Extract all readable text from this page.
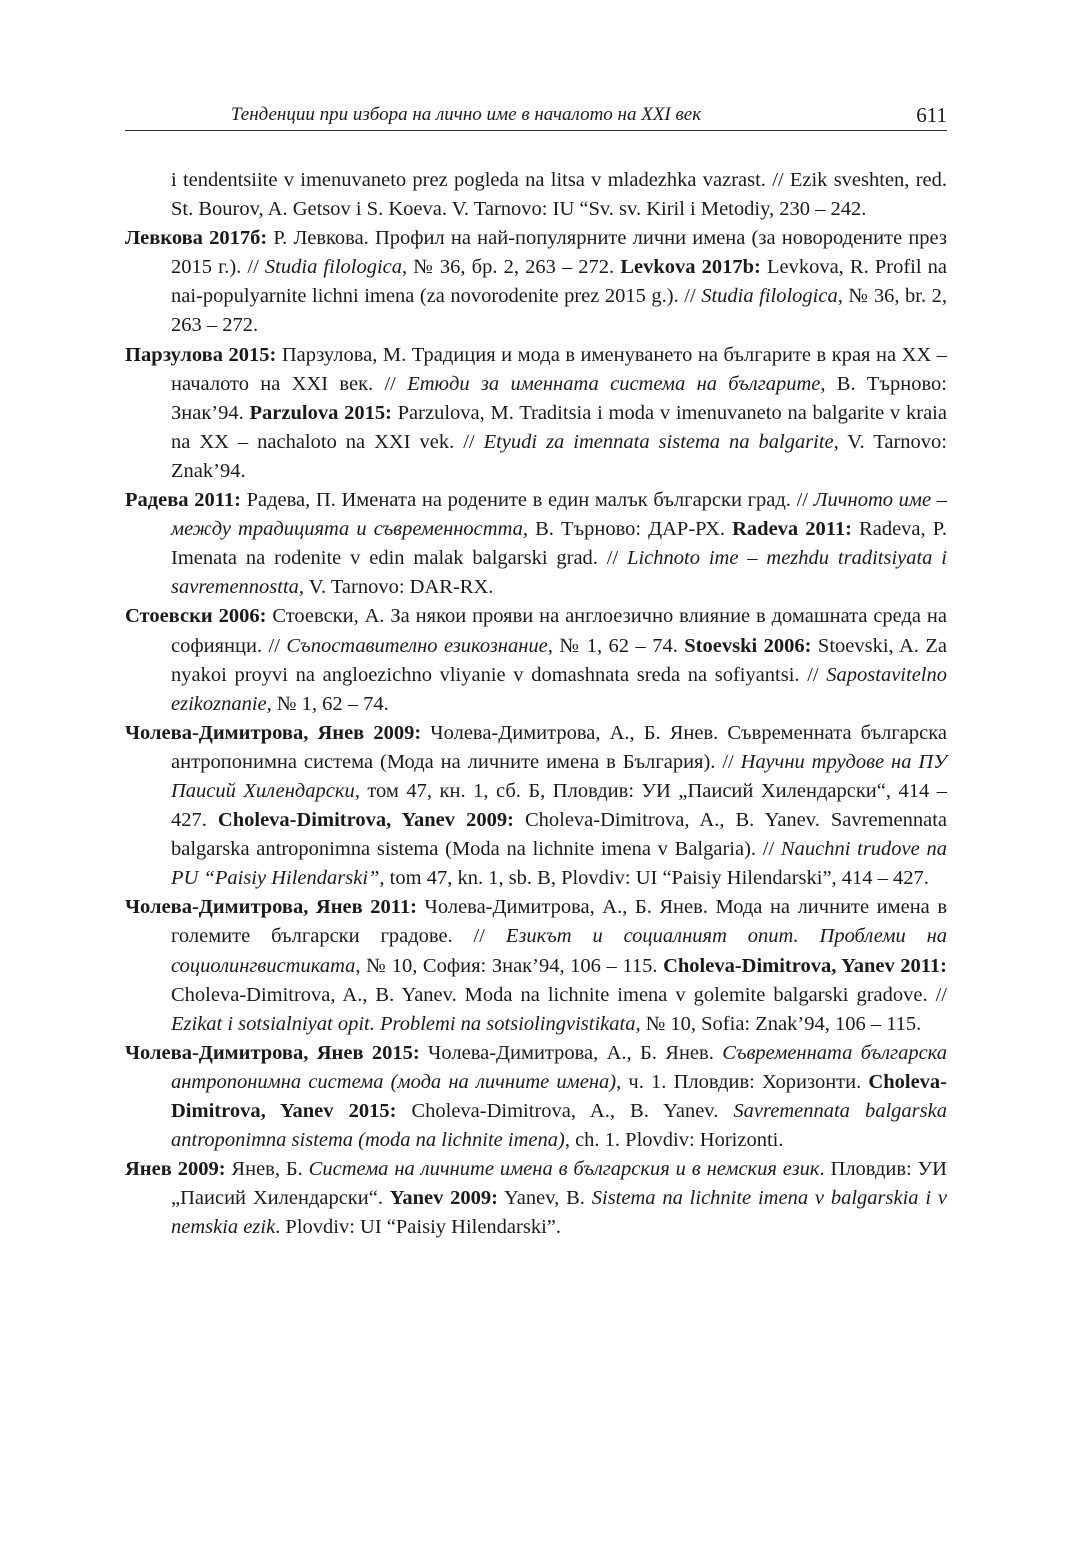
Тенденции при избора на лично име в началото на XXI век	611

i tendentsiite v imenuvaneto prez pogleda na litsa v mladezhka vazrast. // Ezik sveshten, red. St. Bourov, A. Getsov i S. Koeva. V. Tarnovo: IU “Sv. sv. Kiril i Metodiy, 230 – 242.

Левкова 2017б: Р. Левкова. Профил на най-популярните лични имена (за новородените през 2015 г.). // Studia filologica, № 36, бр. 2, 263 – 272. Levkova 2017b: Levkova, R. Profil na nai-populyarnite lichni imena (za novorodenite prez 2015 g.). // Studia filologica, № 36, br. 2, 263 – 272.

Парзулова 2015: Парзулова, М. Традиция и мода в именуването на българите в края на XX – началото на XXI век. // Етюди за именната система на българите, В. Търново: Знак’94. Parzulova 2015: Parzulova, M. Traditsia i moda v imenuvaneto na balgarite v kraia na XX – nachaloto na XXI vek. // Etyudi za imennata sistema na balgarite, V. Tarnovo: Znak’94.

Радева 2011: Радева, П. Имената на родените в един малък български град. // Личното име – между традицията и съвременността, В. Търново: ДАР-РХ. Radeva 2011: Radeva, P. Imenata na rodenite v edin malak balgarski grad. // Lichnoto ime – mezhdu traditsiyata i savremennostta, V. Tarnovo: DAR-RX.

Стоевски 2006: Стоевски, А. За някои прояви на англоезично влияние в домашната среда на софиянци. // Съпоставително езикознание, № 1, 62 – 74. Stoevski 2006: Stoevski, A. Za nyakoi proyvi na angloezichno vliyanie v domashnata sreda na sofiyantsi. // Sapostavitelno ezikoznanie, № 1, 62 – 74.

Чолева-Димитрова, Янев 2009: Чолева-Димитрова, А., Б. Янев. Съвременната българска антропонимна система (Мода на личните имена в България). // Научни трудове на ПУ Паисий Хилендарски, том 47, кн. 1, сб. Б, Пловдив: УИ „Паисий Хилендарски“, 414 – 427. Choleva-Dimitrova, Yanev 2009: Choleva-Dimitrova, A., B. Yanev. Savremennata balgarska antroponimna sistema (Moda na lichnite imena v Balgaria). // Nauchni trudove na PU “Paisiy Hilendarski”, tom 47, kn. 1, sb. B, Plovdiv: UI “Paisiy Hilendarski”, 414 – 427.

Чолева-Димитрова, Янев 2011: Чолева-Димитрова, А., Б. Янев. Мода на личните имена в големите български градове. // Езикът и социалният опит. Проблеми на социолингвистиката, № 10, София: Знак’94, 106 – 115. Choleva-Dimitrova, Yanev 2011: Choleva-Dimitrova, A., B. Yanev. Moda na lichnite imena v golemite balgarski gradove. // Ezikat i sotsialniyat opit. Problemi na sotsiolingvistikata, № 10, Sofia: Znak’94, 106 – 115.

Чолева-Димитрова, Янев 2015: Чолева-Димитрова, А., Б. Янев. Съвременната българска антропонимна система (мода на личните имена), ч. 1. Пловдив: Хоризонти. Choleva-Dimitrova, Yanev 2015: Choleva-Dimitrova, A., B. Yanev. Savremennata balgarska antroponimna sistema (moda na lichnite imena), ch. 1. Plovdiv: Horizonti.

Янев 2009: Янев, Б. Система на личните имена в българския и в немския език. Пловдив: УИ „Паисий Хилендарски“. Yanev 2009: Yanev, B. Sistema na lichnite imena v balgarskia i v nemskia ezik. Plovdiv: UI “Paisiy Hilendarski”.
